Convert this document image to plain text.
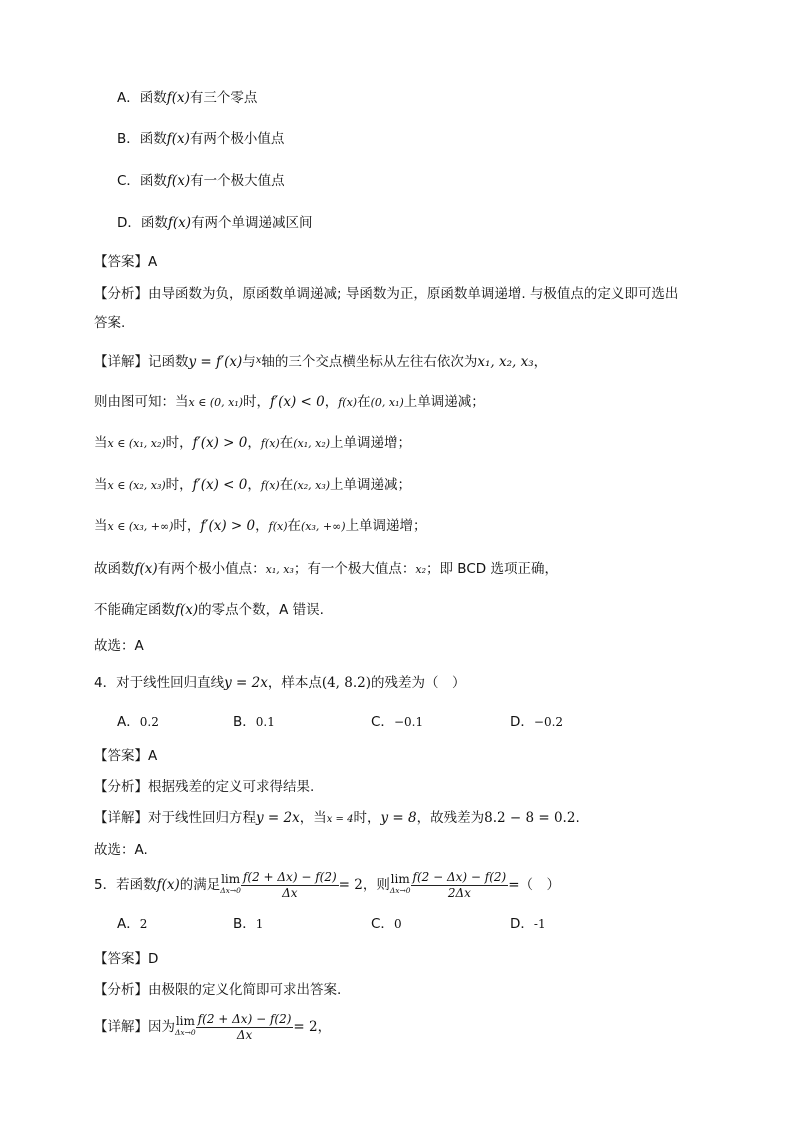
A．函数f(x)有三个零点
B．函数f(x)有两个极小值点
C．函数f(x)有一个极大值点
D．函数f(x)有两个单调递减区间
【答案】A
【分析】由导函数为负，原函数单调递减; 导函数为正，原函数单调递增. 与极值点的定义即可选出
答案.
【详解】记函数y = f′(x)与$^x$轴的三个交点横坐标从左往右依次为x₁, x₂, x₃，
则由图可知：当x ∈ (0, x₁)时，f′(x) < 0，f(x)在(0, x₁)上单调递减；
当x ∈ (x₁, x₂)时，f′(x) > 0，f(x)在(x₁, x₂)上单调递增；
当x ∈ (x₂, x₃)时，f′(x) < 0，f(x)在(x₂, x₃)上单调递减；
当x ∈ (x₃, +∞)时，f′(x) > 0，f(x)在(x₃, +∞)上单调递增；
故函数f(x)有两个极小值点：x₁, x₃；有一个极大值点：x₂；即 BCD 选项正确，
不能确定函数f(x)的零点个数，A 错误.
故选：A
4．对于线性回归直线y = 2x，样本点(4, 8.2)的残差为（　）
A．0.2	B．0.1	C．−0.1	D．−0.2
【答案】A
【分析】根据残差的定义可求得结果.
【详解】对于线性回归方程y = 2x，当x = 4时，y = 8，故残差为8.2 − 8 = 0.2.
故选：A.
5．若函数f(x)的满足 lim
$\Delta x\to 0 \frac{f(2 + \Delta x) - f(2)}{\Delta x} = 2$，则 lim
$\Delta x\to 0 \frac{f(2 - \Delta x) - f(2)}{2\Delta x}$ =（　）
A．2	B．1	C．0	D．-1
【答案】D
【分析】由极限的定义化简即可求出答案.
【详解】因为 lim
$\Delta x\to 0 \frac{f(2 + \Delta x) - f(2)}{\Delta x} = 2$，
